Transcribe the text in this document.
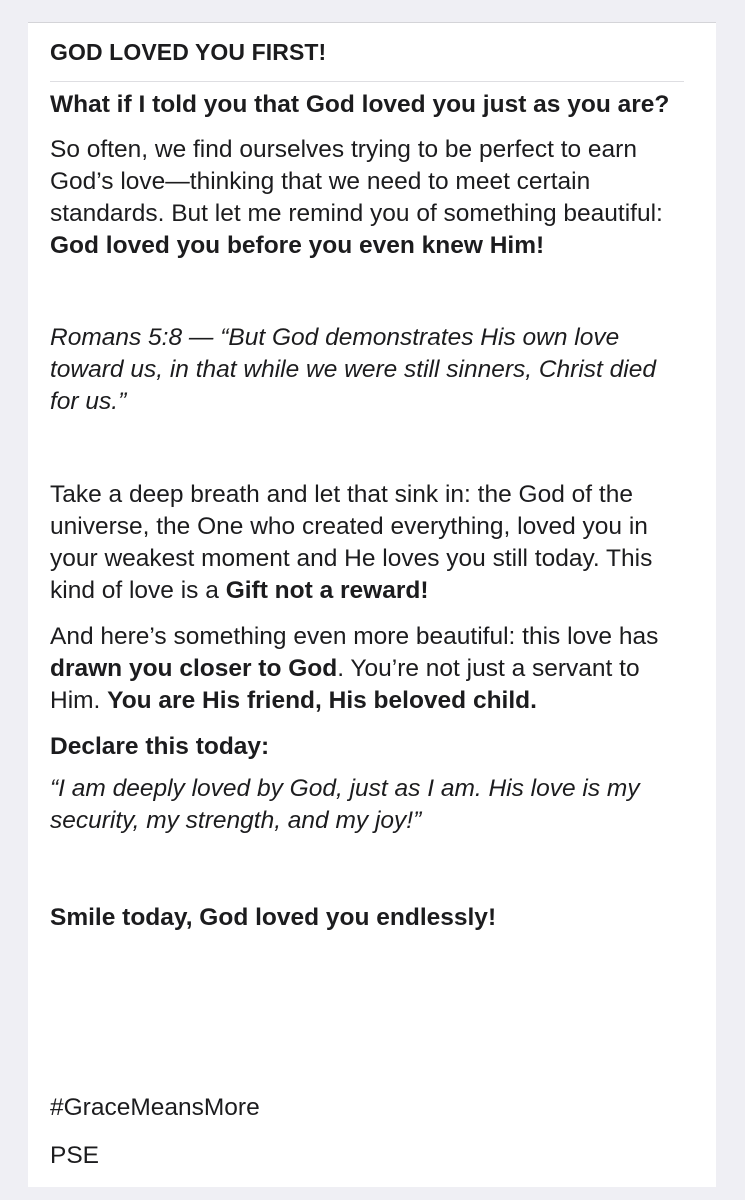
GOD LOVED YOU FIRST!

What if I told you that God loved you just as you are?

So often, we find ourselves trying to be perfect to earn God’s love—thinking that we need to meet certain standards. But let me remind you of something beautiful: God loved you before you even knew Him!

Romans 5:8 — “But God demonstrates His own love toward us, in that while we were still sinners, Christ died for us.”

Take a deep breath and let that sink in: the God of the universe, the One who created everything, loved you in your weakest moment and He loves you still today. This kind of love is a Gift not a reward!

And here’s something even more beautiful: this love has drawn you closer to God. You’re not just a servant to Him. You are His friend, His beloved child.

Declare this today:

“I am deeply loved by God, just as I am. His love is my security, my strength, and my joy!”

Smile today, God loved you endlessly!

#GraceMeansMore

PSE
